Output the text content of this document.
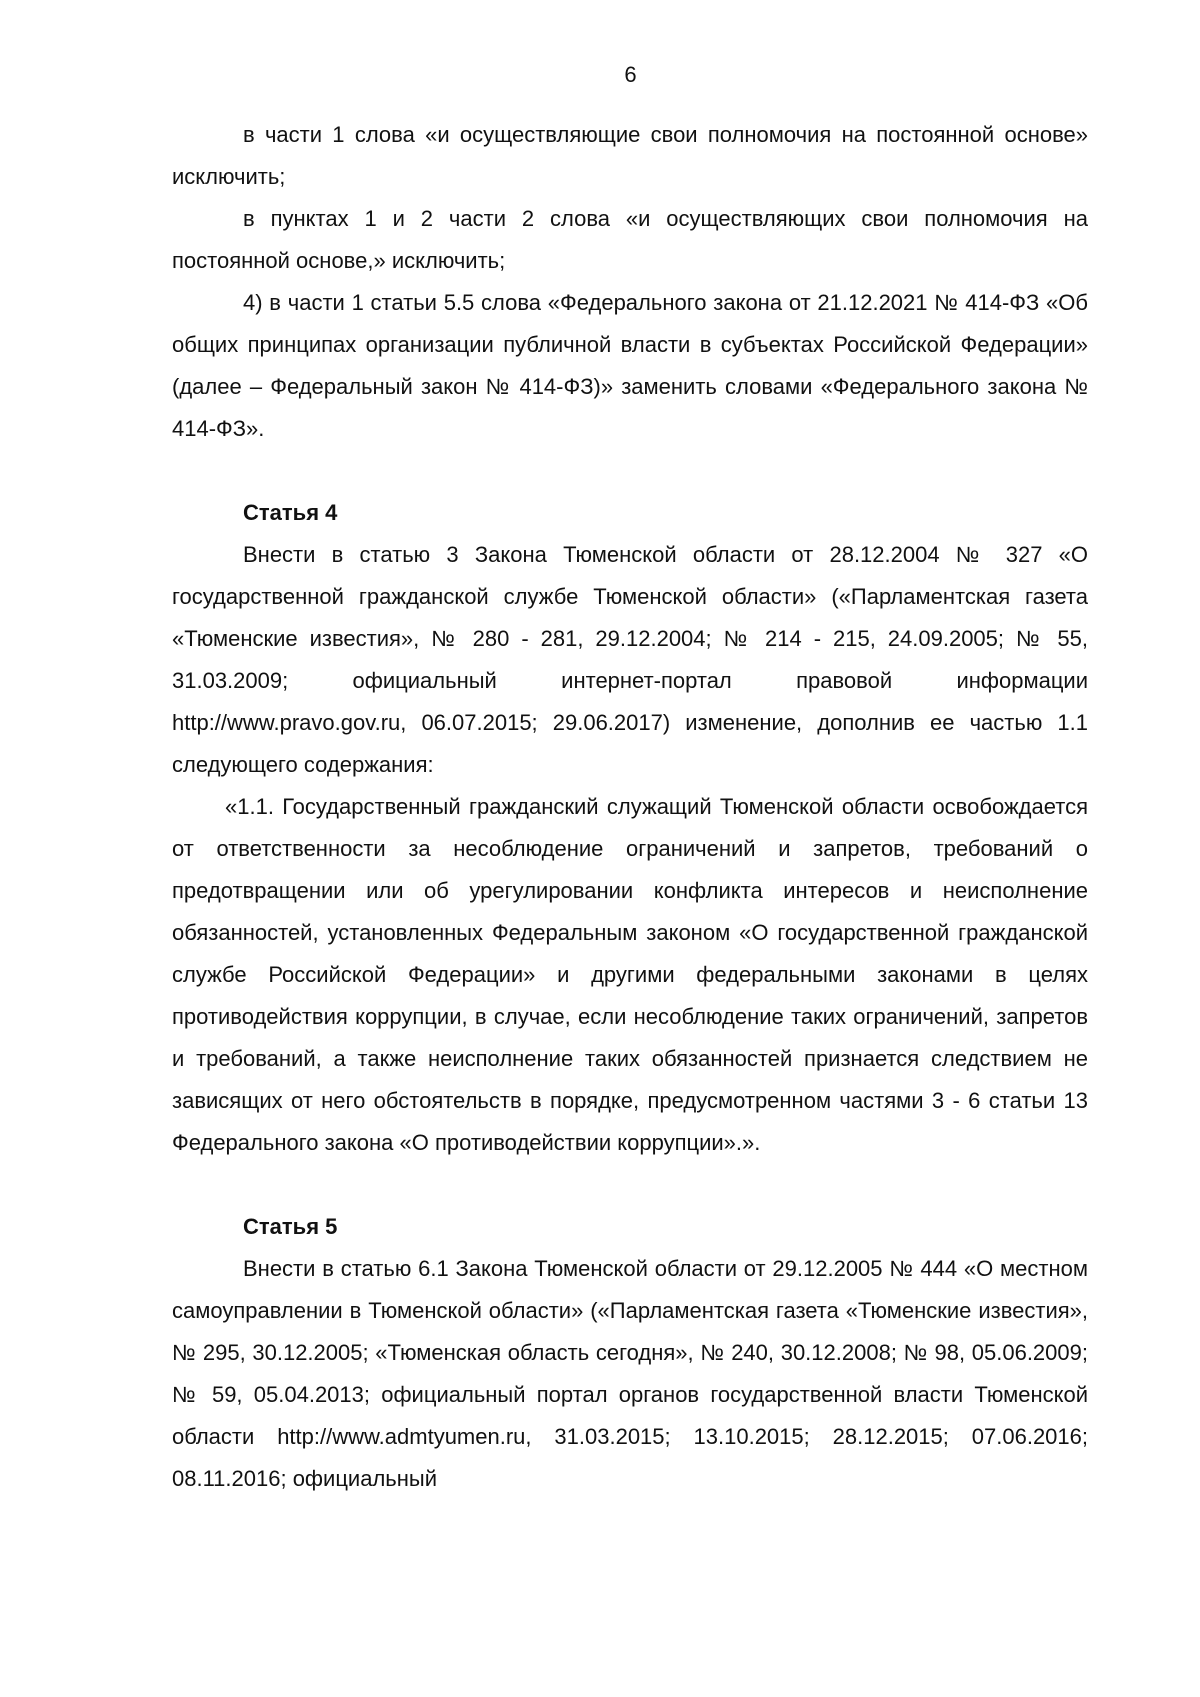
6

в части 1 слова «и осуществляющие свои полномочия на постоянной основе» исключить;

в пунктах 1 и 2 части 2 слова «и осуществляющих свои полномочия на постоянной основе,» исключить;

4) в части 1 статьи 5.5 слова «Федерального закона от 21.12.2021 № 414-ФЗ «Об общих принципах организации публичной власти в субъектах Российской Федерации» (далее – Федеральный закон № 414-ФЗ)» заменить словами «Федерального закона № 414-ФЗ».

Статья 4

Внести в статью 3 Закона Тюменской области от 28.12.2004 № 327 «О государственной гражданской службе Тюменской области» («Парламентская газета «Тюменские известия», № 280 - 281, 29.12.2004; № 214 - 215, 24.09.2005; № 55, 31.03.2009; официальный интернет-портал правовой информации http://www.pravo.gov.ru, 06.07.2015; 29.06.2017) изменение, дополнив ее частью 1.1 следующего содержания:

«1.1. Государственный гражданский служащий Тюменской области освобождается от ответственности за несоблюдение ограничений и запретов, требований о предотвращении или об урегулировании конфликта интересов и неисполнение обязанностей, установленных Федеральным законом «О государственной гражданской службе Российской Федерации» и другими федеральными законами в целях противодействия коррупции, в случае, если несоблюдение таких ограничений, запретов и требований, а также неисполнение таких обязанностей признается следствием не зависящих от него обстоятельств в порядке, предусмотренном частями 3 - 6 статьи 13 Федерального закона «О противодействии коррупции».».

Статья 5

Внести в статью 6.1 Закона Тюменской области от 29.12.2005 № 444 «О местном самоуправлении в Тюменской области» («Парламентская газета «Тюменские известия», № 295, 30.12.2005; «Тюменская область сегодня», № 240, 30.12.2008; № 98, 05.06.2009; № 59, 05.04.2013; официальный портал органов государственной власти Тюменской области http://www.admtyumen.ru, 31.03.2015; 13.10.2015; 28.12.2015; 07.06.2016; 08.11.2016; официальный
